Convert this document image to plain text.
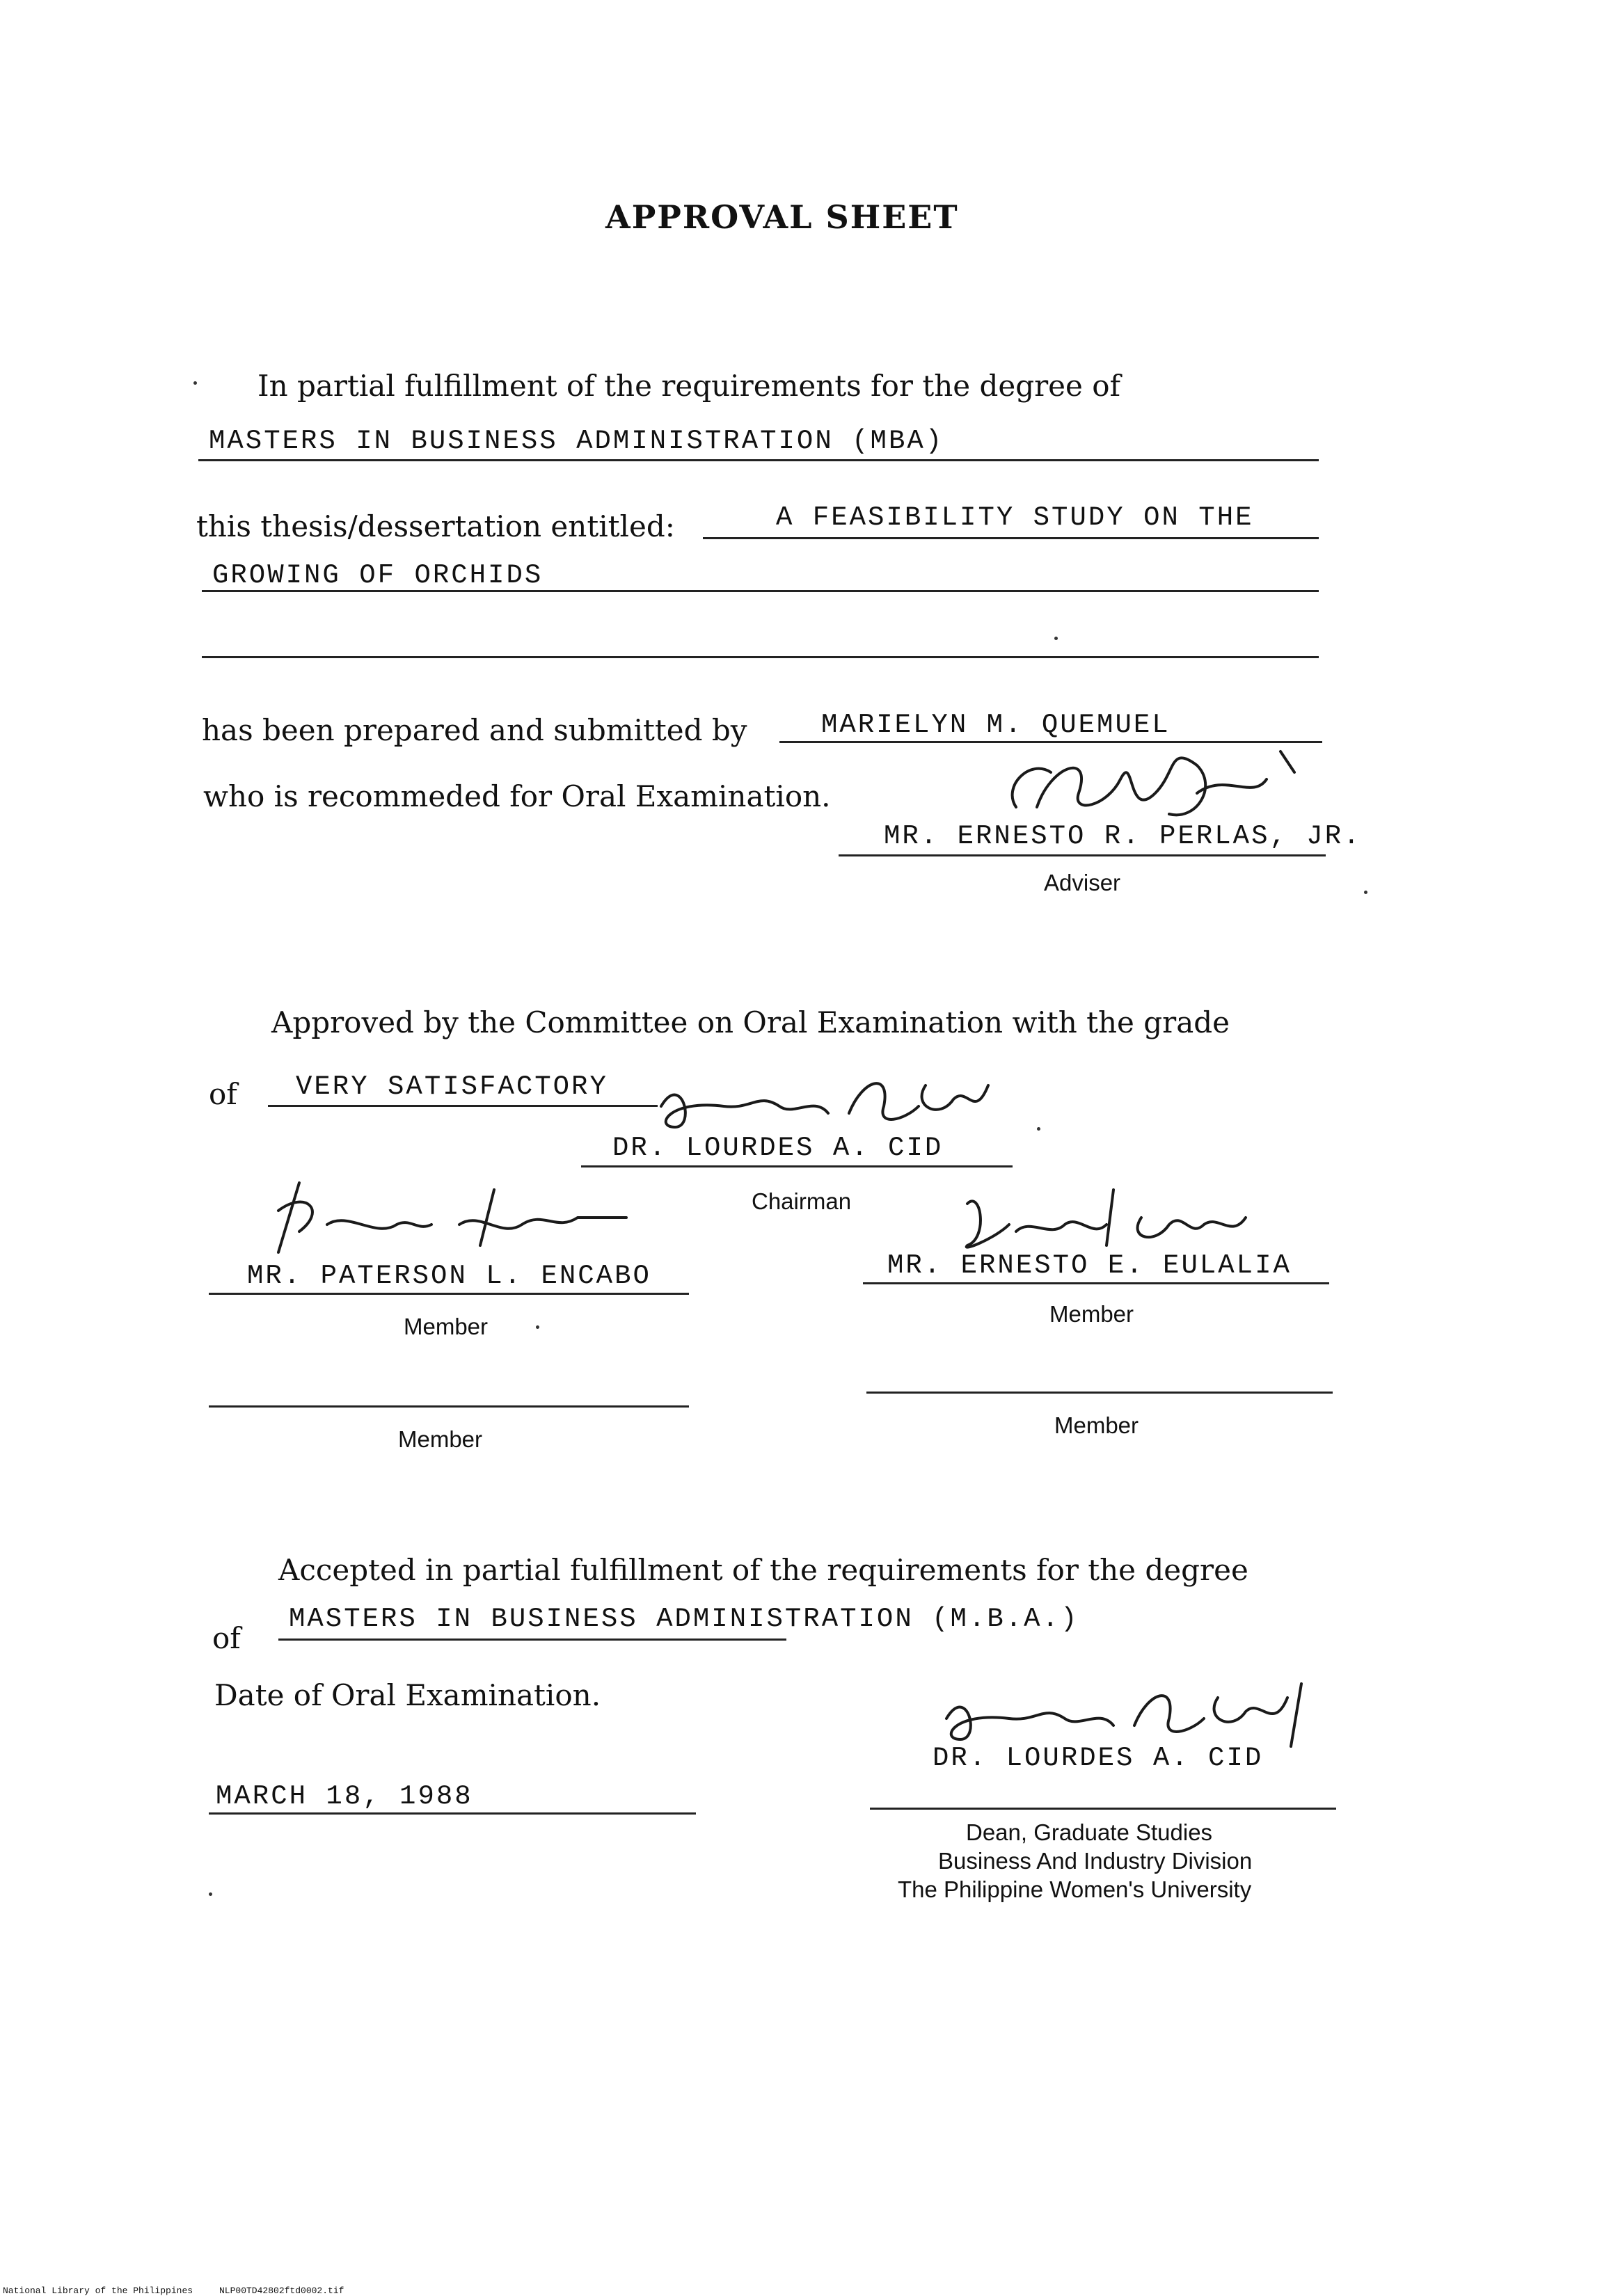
APPROVAL SHEET
In partial fulfillment of the requirements for the degree of
MASTERS IN BUSINESS ADMINISTRATION (MBA)
this thesis/dessertation entitled:	A FEASIBILITY STUDY ON THE
GROWING OF ORCHIDS
has been prepared and submitted by	MARIELYN M. QUEMUEL
who is recommeded for Oral Examination.
MR. ERNESTO R. PERLAS, JR.
Adviser
Approved by the Committee on Oral Examination with the grade
of VERY SATISFACTORY
DR. LOURDES A. CID
Chairman
MR. PATERSON L. ENCABO
Member
MR. ERNESTO E. EULALIA
Member
Member
Member
Accepted in partial fulfillment of the requirements for the degree
of
MASTERS IN BUSINESS ADMINISTRATION (M.B.A.)
Date of Oral Examination.
MARCH 18, 1988
DR. LOURDES A. CID
Dean, Graduate Studies
Business And Industry Division
The Philippine Women's University
National Library of the Philippines	NLP00TD42802ftd0002.tif
